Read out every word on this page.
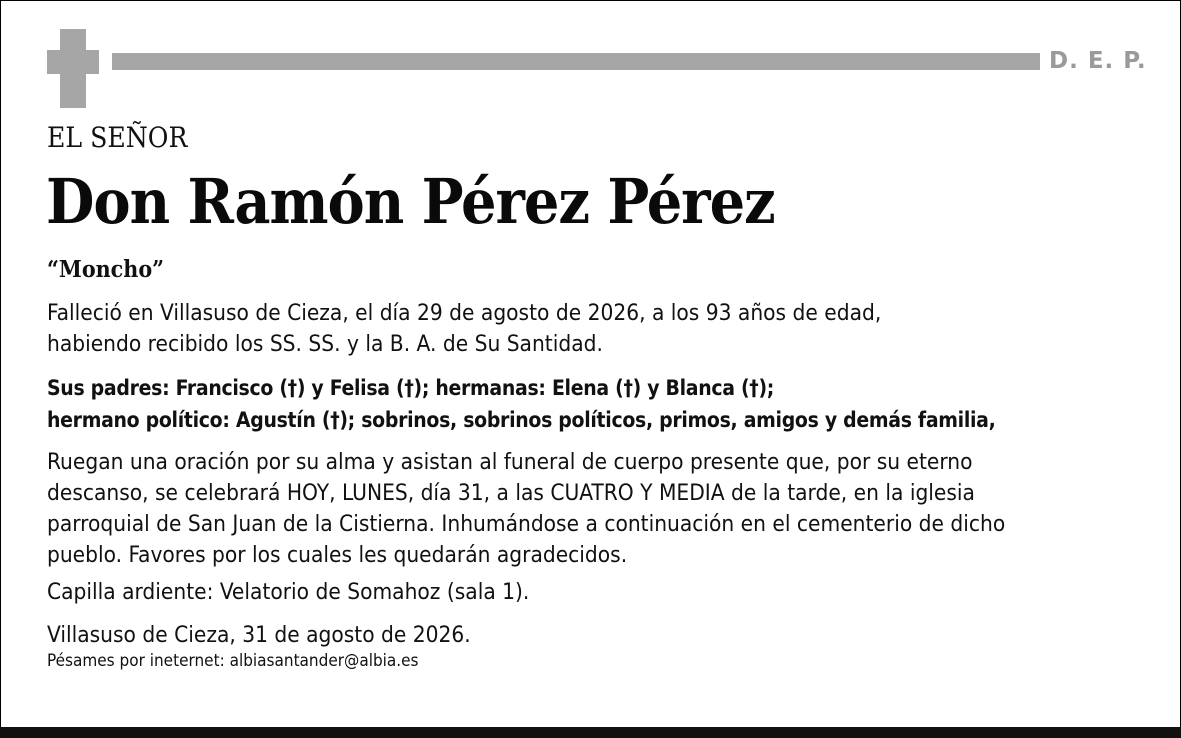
D. E. P.
EL SEÑOR
Don Ramón Pérez Pérez
“Moncho”
Falleció en Villasuso de Cieza, el día 29 de agosto de 2026, a los 93 años de edad,
habiendo recibido los SS. SS. y la B. A. de Su Santidad.
Sus padres: Francisco (†) y Felisa (†); hermanas: Elena (†) y Blanca (†);
hermano político: Agustín (†); sobrinos, sobrinos políticos, primos, amigos y demás familia,
Ruegan una oración por su alma y asistan al funeral de cuerpo presente que, por su eterno
descanso, se celebrará HOY, LUNES, día 31, a las CUATRO Y MEDIA de la tarde, en la iglesia
parroquial de San Juan de la Cistierna. Inhumándose a continuación en el cementerio de dicho
pueblo. Favores por los cuales les quedarán agradecidos.
Capilla ardiente: Velatorio de Somahoz (sala 1).
Villasuso de Cieza, 31 de agosto de 2026.
Pésames por ineternet: albiasantander@albia.es
